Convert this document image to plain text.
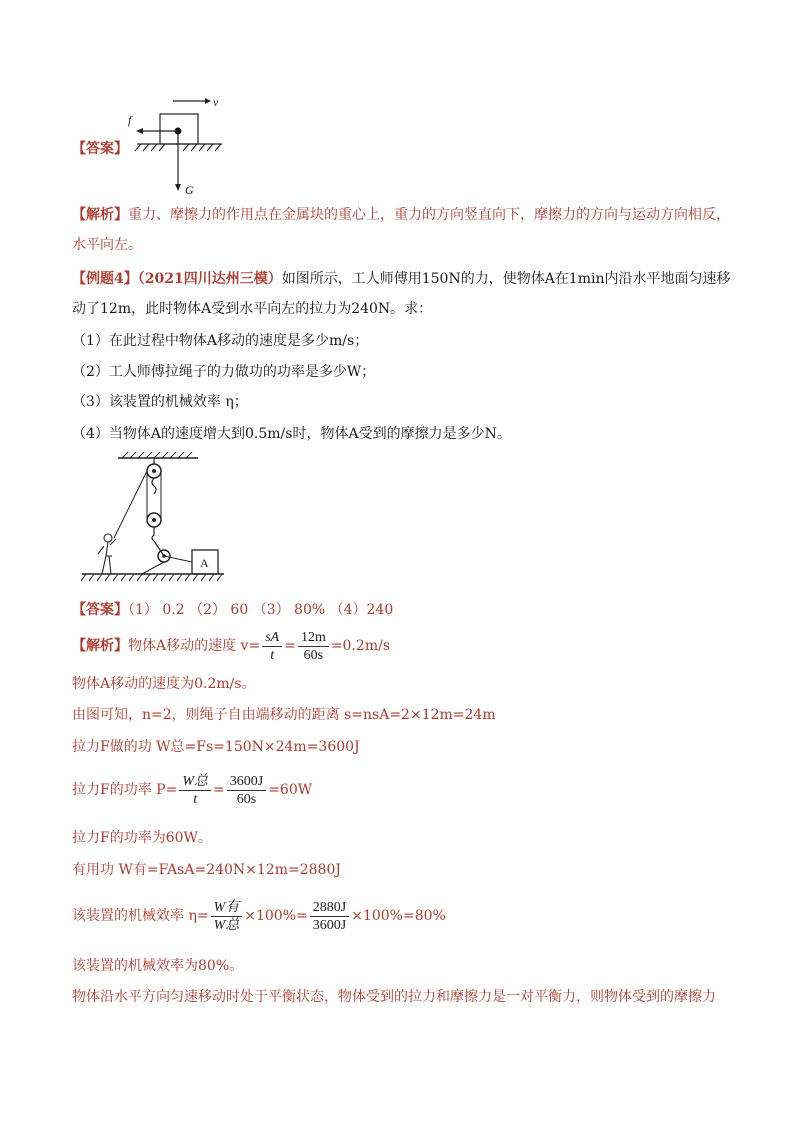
v
f
G
【答案】
【解析】重力、摩擦力的作用点在金属块的重心上，重力的方向竖直向下，摩擦力的方向与运动方向相反，
水平向左。
【例题4】（2021四川达州三模）如图所示，工人师傅用150N的力，使物体A在1min内沿水平地面匀速移
动了12m，此时物体A受到水平向左的拉力为240N。求：
（1）在此过程中物体A移动的速度是多少m/s；
（2）工人师傅拉绳子的力做功的功率是多少W；
（3）该装置的机械效率 η；
（4）当物体A的速度增大到0.5m/s时，物体A受到的摩擦力是多少N。
A
【答案】（1） 0.2 （2） 60 （3） 80% （4）240
【解析】物体A移动的速度 $v= \frac{sA}{t} = \frac{12m}{60s} =0.2m/s$
物体A移动的速度为0.2m/s。
由图可知，n=2，则绳子自由端移动的距离 s=nsA=2×12m=24m
拉力F做的功 W总=Fs=150N×24m=3600J
拉力F的功率 $P= \frac{\text{W总}}{t} = \frac{3600J}{60s} =60W$
拉力F的功率为60W。
有用功 W有=FAsA=240N×12m=2880J
该装置的机械效率 $\eta= \frac{\text{W有}}{\text{W总}} \times 100\%= \frac{2880J}{3600J} \times 100\%=80\%$
该装置的机械效率为80%。
物体沿水平方向匀速移动时处于平衡状态，物体受到的拉力和摩擦力是一对平衡力，则物体受到的摩擦力
